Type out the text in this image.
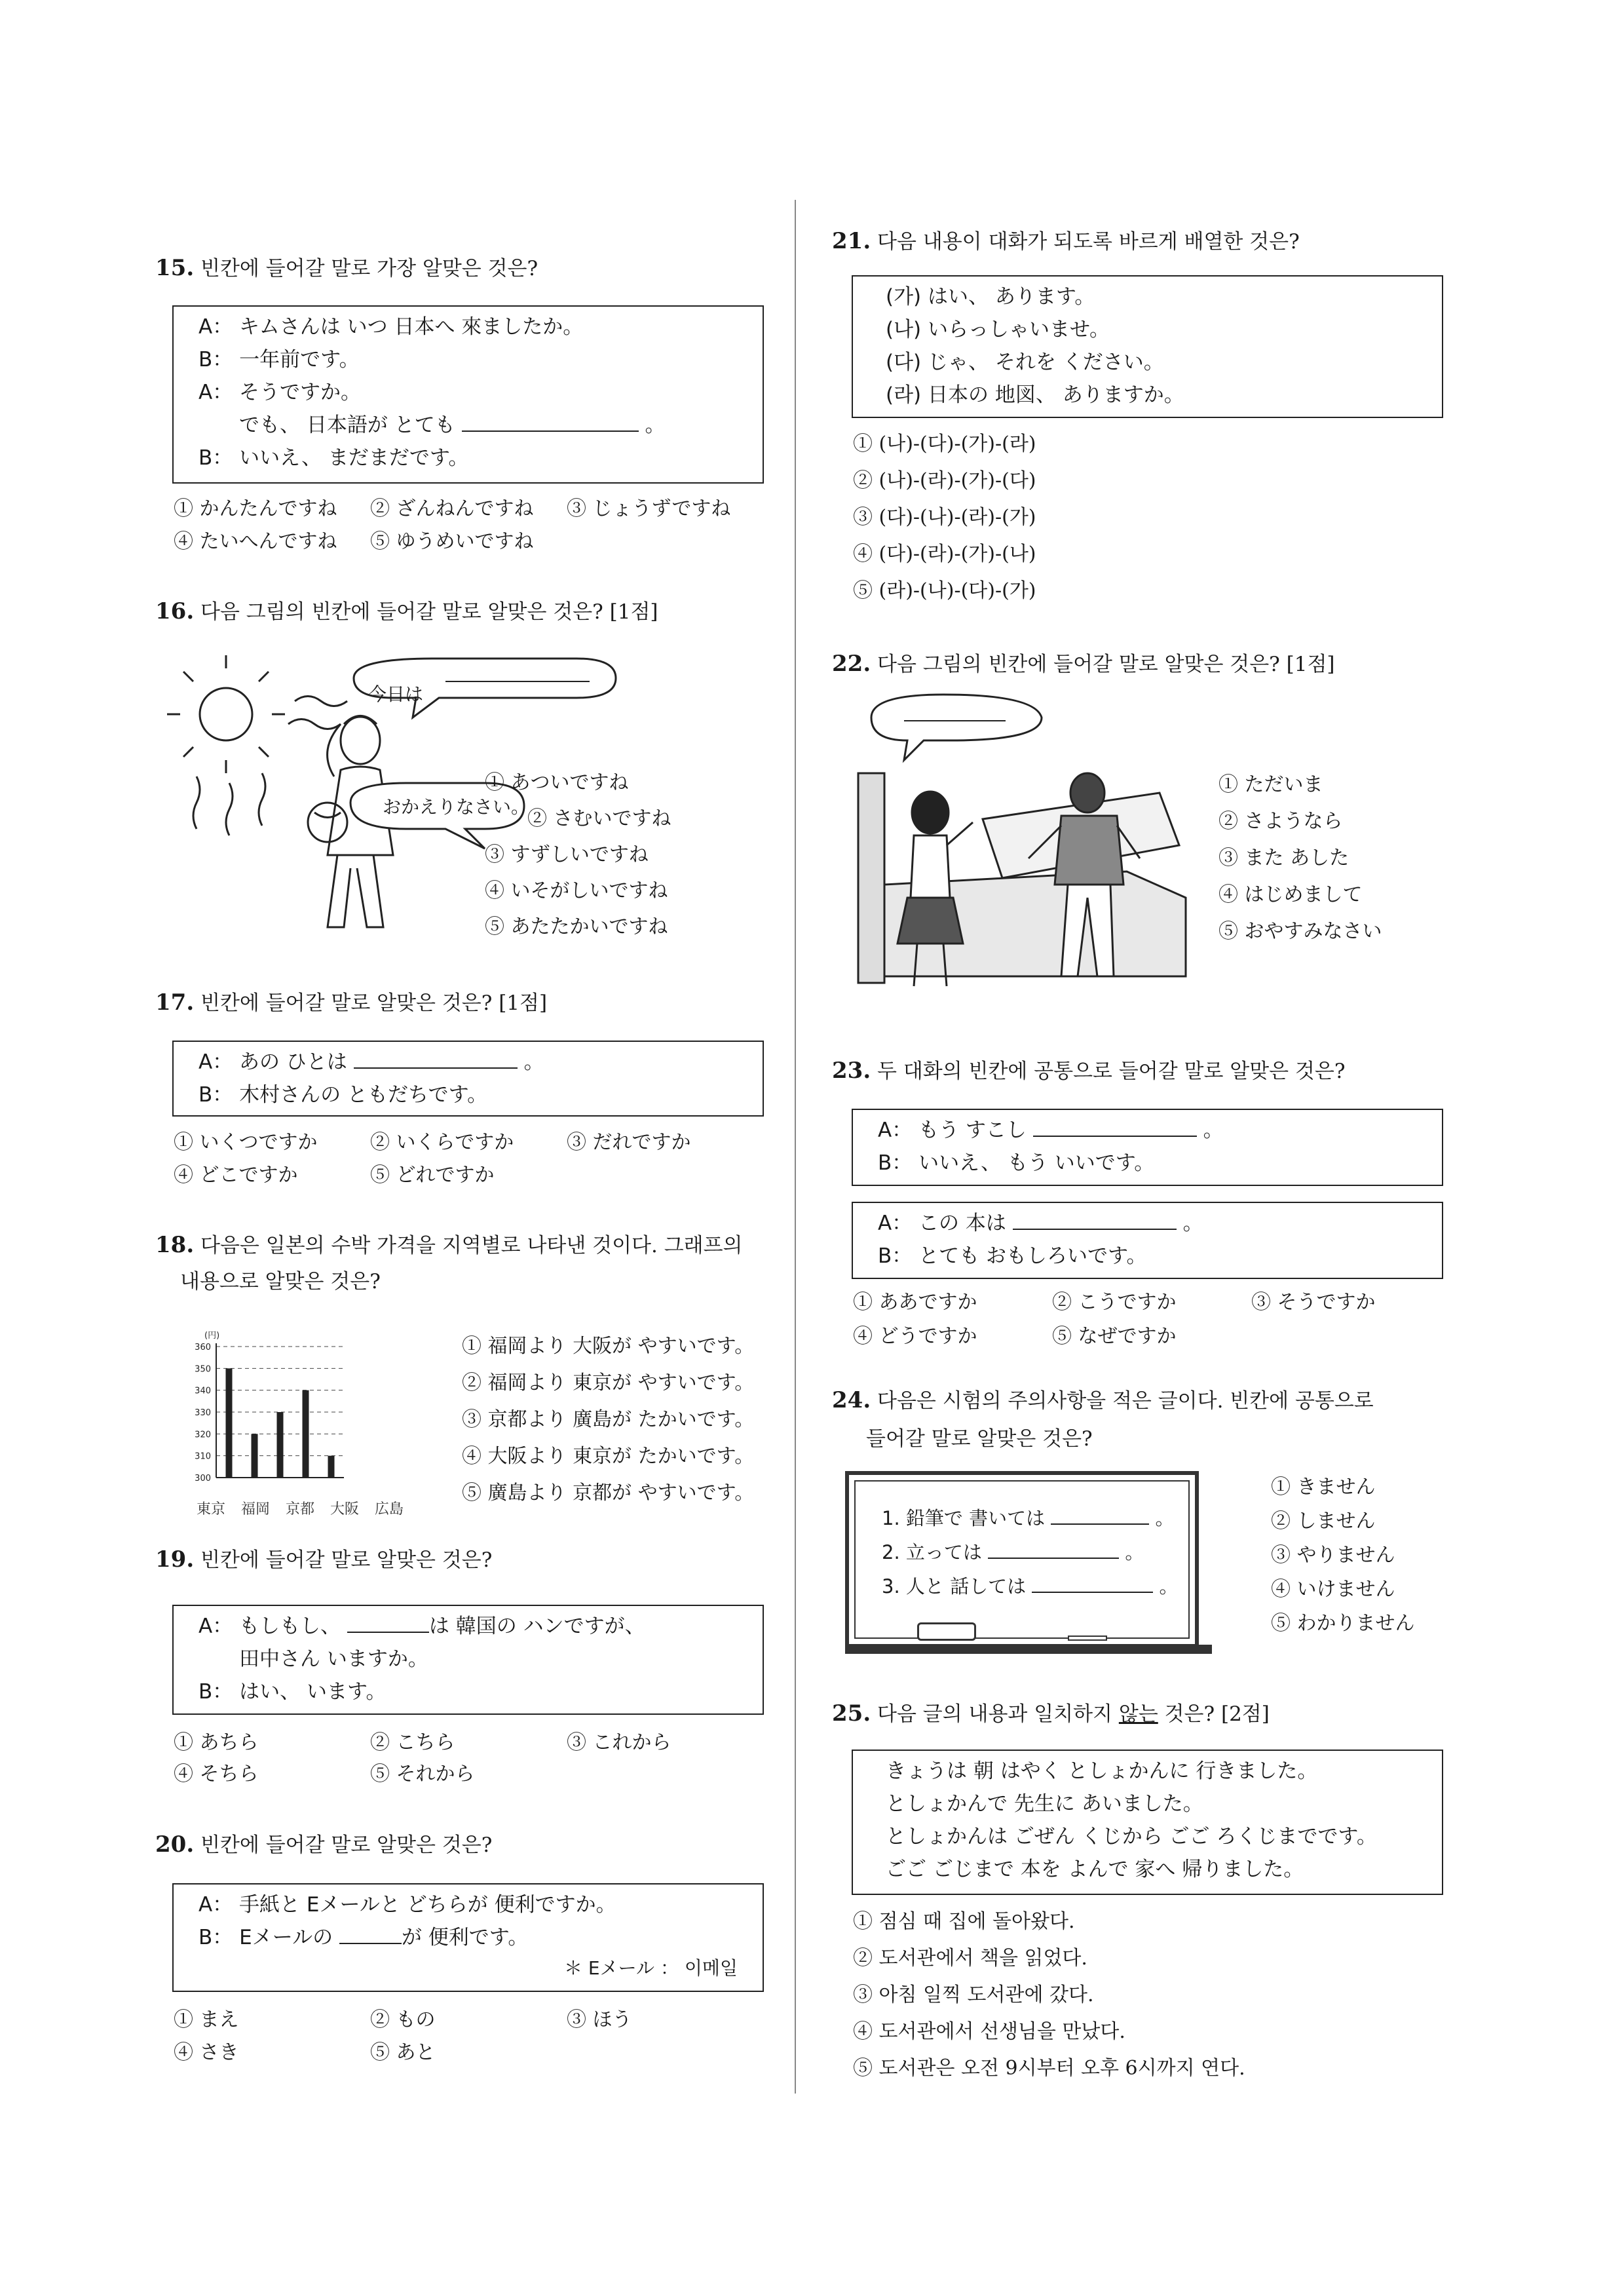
15. 빈칸에 들어갈 말로 가장 알맞은 것은?
A： キムさんは いつ 日本へ 來ましたか。
B： 一年前です。
A： そうですか。
でも、 日本語が とても	。
B： いいえ、 まだまだです。
① かんたんですね ② ざんねんですね ③ じょうずですね
④ たいへんですね ⑤ ゆうめいですね
16. 다음 그림의 빈칸에 들어갈 말로 알맞은 것은? [1점]
今日は
おかえりなさい。
① あついですね
② さむいですね
③ すずしいですね
④ いそがしいですね
⑤ あたたかいですね
17. 빈칸에 들어갈 말로 알맞은 것은? [1점]
A： あの ひとは	。
B： 木村さんの ともだちです。
① いくつですか	② いくらですか	③ だれですか
④ どこですか	⑤ どれですか
18. 다음은 일본의 수박 가격을 지역별로 나타낸 것이다. 그래프의
내용으로 알맞은 것은?
(円)
360
350
340
330
320
310
300
東京 福岡 京都 大阪 広島
① 福岡より 大阪が やすいです。
② 福岡より 東京が やすいです。
③ 京都より 廣島が たかいです。
④ 大阪より 東京が たかいです。
⑤ 廣島より 京都が やすいです。
19. 빈칸에 들어갈 말로 알맞은 것은?
A： もしもし、	は 韓国の ハンですが、
田中さん いますか。
B： はい、 います。
① あちら	② こちら	③ これから
④ そちら	⑤ それから
20. 빈칸에 들어갈 말로 알맞은 것은?
A： 手紙と Eメールと どちらが 便利ですか。
B： Eメールの	が 便利です。
＊ Eメール ： 이메일
① まえ	② もの	③ ほう
④ さき	⑤ あと
21. 다음 내용이 대화가 되도록 바르게 배열한 것은?
(가) はい、 あります。
(나) いらっしゃいませ。
(다) じゃ、 それを ください。
(라) 日本の 地図、 ありますか。
① (나)-(다)-(가)-(라)
② (나)-(라)-(가)-(다)
③ (다)-(나)-(라)-(가)
④ (다)-(라)-(가)-(나)
⑤ (라)-(나)-(다)-(가)
22. 다음 그림의 빈칸에 들어갈 말로 알맞은 것은? [1점]
① ただいま
② さようなら
③ また あした
④ はじめまして
⑤ おやすみなさい
23. 두 대화의 빈칸에 공통으로 들어갈 말로 알맞은 것은?
A： もう すこし	。
B： いいえ、 もう いいです。
A： この 本は	。
B： とても おもしろいです。
① ああですか	② こうですか	③ そうですか
④ どうですか	⑤ なぜですか
24. 다음은 시험의 주의사항을 적은 글이다. 빈칸에 공통으로
들어갈 말로 알맞은 것은?
1. 鉛筆で 書いては	。
2. 立っては	。
3. 人と 話しては	。
① きません
② しません
③ やりません
④ いけません
⑤ わかりません
25. 다음 글의 내용과 일치하지 않는 것은? [2점]
きょうは 朝 はやく としょかんに 行きました。
としょかんで 先生に あいました。
としょかんは ごぜん くじから ごご ろくじまでです。
ごご ごじまで 本を よんで 家へ 帰りました。
① 점심 때 집에 돌아왔다.
② 도서관에서 책을 읽었다.
③ 아침 일찍 도서관에 갔다.
④ 도서관에서 선생님을 만났다.
⑤ 도서관은 오전 9시부터 오후 6시까지 연다.
